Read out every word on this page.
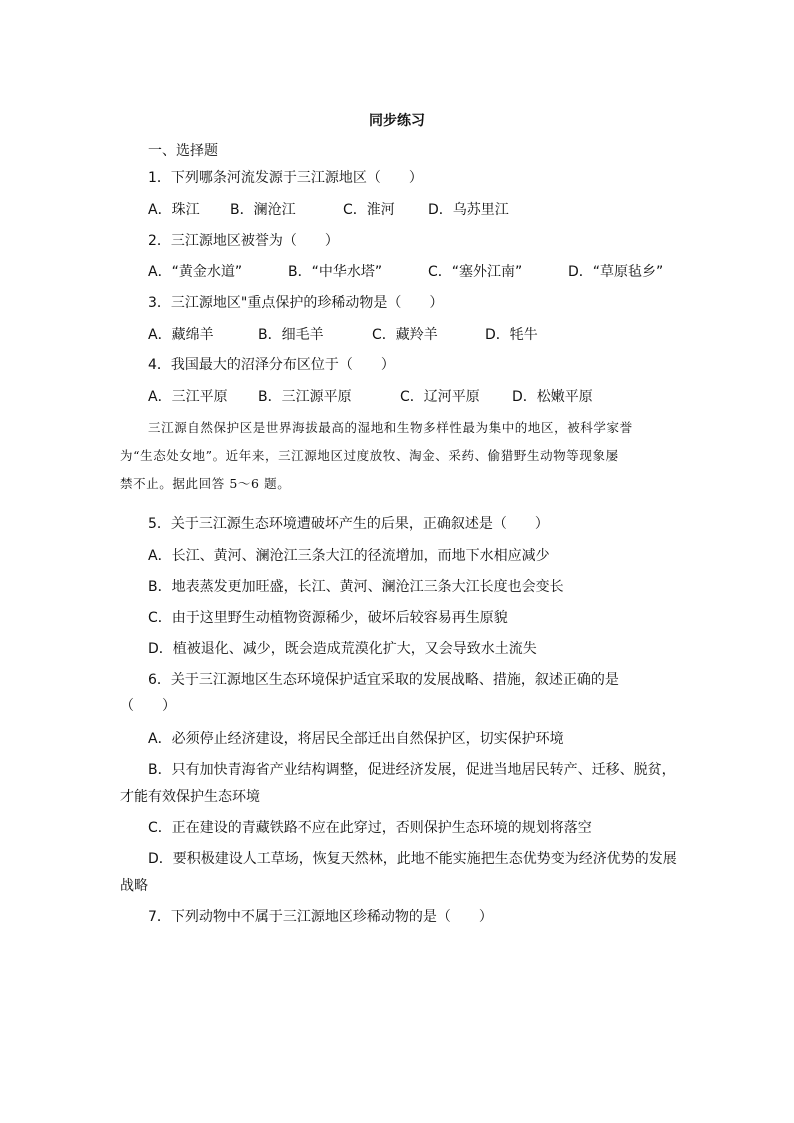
同步练习
一、选择题
1．下列哪条河流发源于三江源地区（　　）
A．珠江 B．澜沧江	C．淮河 D．乌苏里江
2．三江源地区被誉为（　　）
A．“黄金水道”	B．“中华水塔”	C．“塞外江南”	D．“草原毡乡”
3．三江源地区"重点保护的珍稀动物是（　　）
A．藏绵羊	B．细毛羊	C．藏羚羊	D．牦牛
4．我国最大的沼泽分布区位于（　　）
A．三江平原 B．三江源平原	C．辽河平原 D．松嫩平原

三江源自然保护区是世界海拔最高的湿地和生物多样性最为集中的地区，被科学家誉

为“生态处女地”。近年来，三江源地区过度放牧、淘金、采药、偷猎野生动物等现象屡

禁不止。据此回答 5～6 题。

5．关于三江源生态环境遭破坏产生的后果，正确叙述是（　　）
A．长江、黄河、澜沧江三条大江的径流增加，而地下水相应减少
B．地表蒸发更加旺盛，长江、黄河、澜沧江三条大江长度也会变长
C．由于这里野生动植物资源稀少，破坏后较容易再生原貌
D．植被退化、减少，既会造成荒漠化扩大，又会导致水土流失
6．关于三江源地区生态环境保护适宜采取的发展战略、措施，叙述正确的是
（　　）
A．必须停止经济建设，将居民全部迁出自然保护区，切实保护环境
B．只有加快青海省产业结构调整，促进经济发展，促进当地居民转产、迁移、脱贫，
才能有效保护生态环境
C．正在建设的青藏铁路不应在此穿过，否则保护生态环境的规划将落空
D．要积极建设人工草场，恢复天然林，此地不能实施把生态优势变为经济优势的发展
战略
7．下列动物中不属于三江源地区珍稀动物的是（　　）
